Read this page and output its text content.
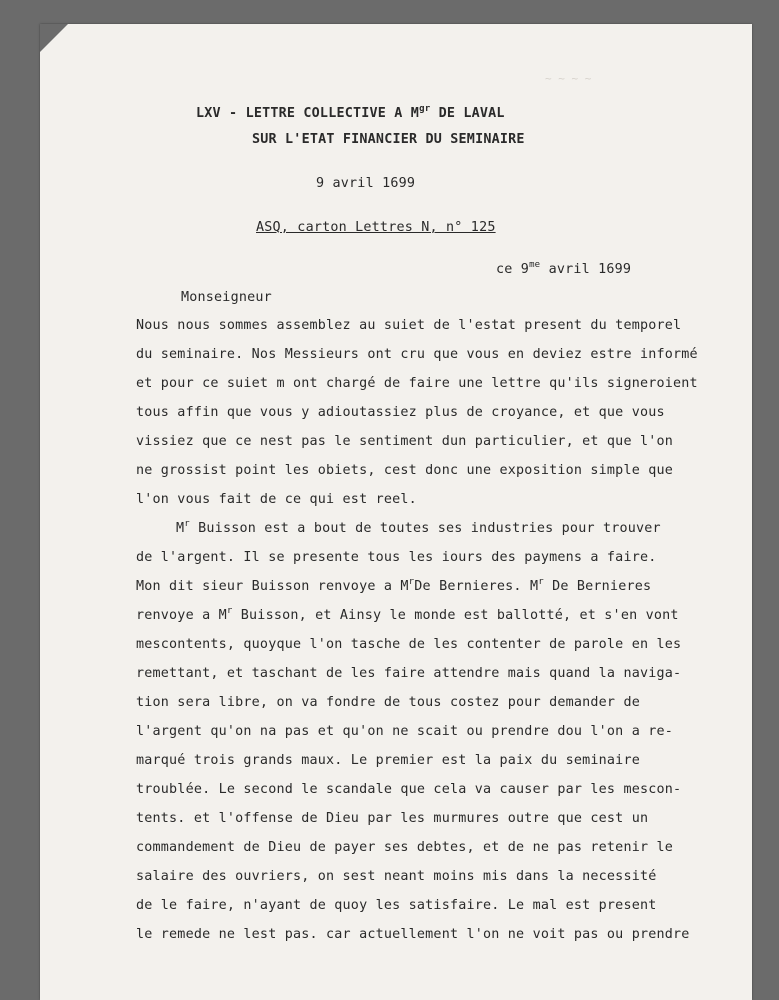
~ ~ ~ ~
LXV - LETTRE COLLECTIVE A $M^{gr}$ DE LAVAL
SUR L'ETAT FINANCIER DU SEMINAIRE
9 avril 1699
ASQ, carton Lettres N, n° 125
ce $9^{me}$ avril 1699
Monseigneur
Nous nous sommes assemblez au suiet de l'estat present du temporel
du seminaire. Nos Messieurs ont cru que vous en deviez estre informé
et pour ce suiet m ont chargé de faire une lettre qu'ils signeroient
tous affin que vous y adioutassiez plus de croyance, et que vous
vissiez que ce nest pas le sentiment dun particulier, et que l'on
ne grossist point les obiets, cest donc une exposition simple que
l'on vous fait de ce qui est reel.
$M^r$ Buisson est a bout de toutes ses industries pour trouver
de l'argent. Il se presente tous les iours des paymens a faire.
Mon dit sieur Buisson renvoye a $M^rDe$ Bernieres. $M^r$ De Bernieres
renvoye a $M^r$ Buisson, et Ainsy le monde est ballotté, et s'en vont
mescontents, quoyque l'on tasche de les contenter de parole en les
remettant, et taschant de les faire attendre mais quand la naviga-
tion sera libre, on va fondre de tous costez pour demander de
l'argent qu'on na pas et qu'on ne scait ou prendre dou l'on a re-
marqué trois grands maux. Le premier est la paix du seminaire
troublée. Le second le scandale que cela va causer par les mescon-
tents. et l'offense de Dieu par les murmures outre que cest un
commandement de Dieu de payer ses debtes, et de ne pas retenir le
salaire des ouvriers, on sest neant moins mis dans la necessité
de le faire, n'ayant de quoy les satisfaire. Le mal est present
le remede ne lest pas. car actuellement l'on ne voit pas ou prendre
